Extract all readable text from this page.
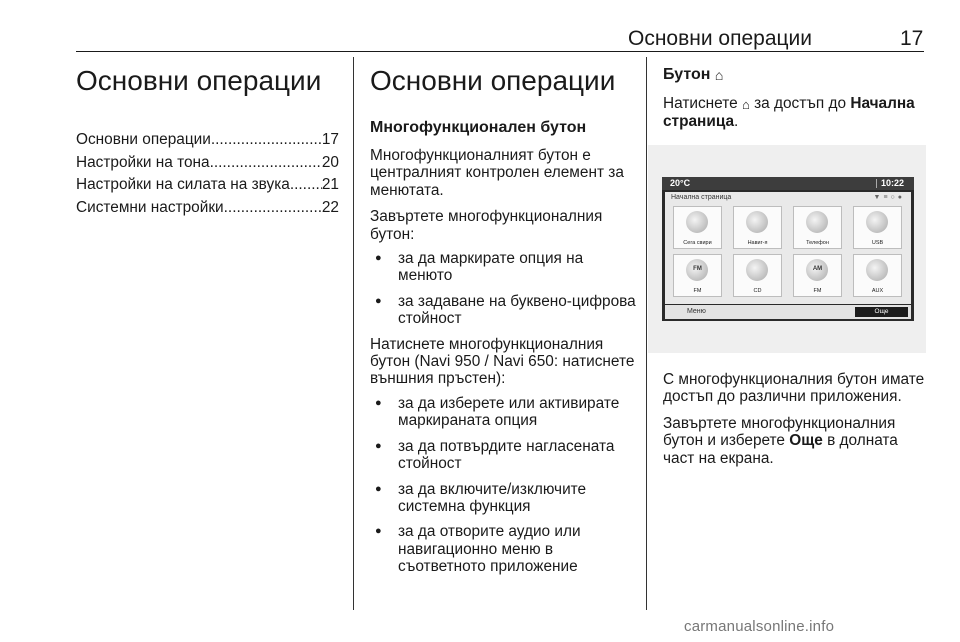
Основни операции	17
Основни операции
Основни операции .....	17
Настройки на тона .....	20
Настройки на силата на звука ..... 21
Системни настройки .....	22
Основни операции
Многофункционален бутон

Многофункционалният бутон е централният контролен елемент за менютата.

Завъртете многофункционалния бутон:

● за да маркирате опция на менюто
● за задаване на буквено-цифрова стойност

Натиснете многофункционалния бутон (Navi 950 / Navi 650: натиснете външния пръстен):

● за да изберете или активирате маркираната опция
● за да потвърдите нагласената стойност
● за да включите/изключите системна функция
● за да отворите аудио или навигационно меню в съответното приложение
Бутон ⌂

Натиснете ⌂ за достъп до Начална страница.

20°C	10:22
Начална страница	▼≡○●
Сега свири	Навиг-я	Телефон	USB
FM
FM	CD
AM
FM	AUX
Меню	Още

С многофункционалния бутон имате достъп до различни приложения.

Завъртете многофункционалния бутон и изберете Още в долната част на екрана.

carmanualsonline.info
